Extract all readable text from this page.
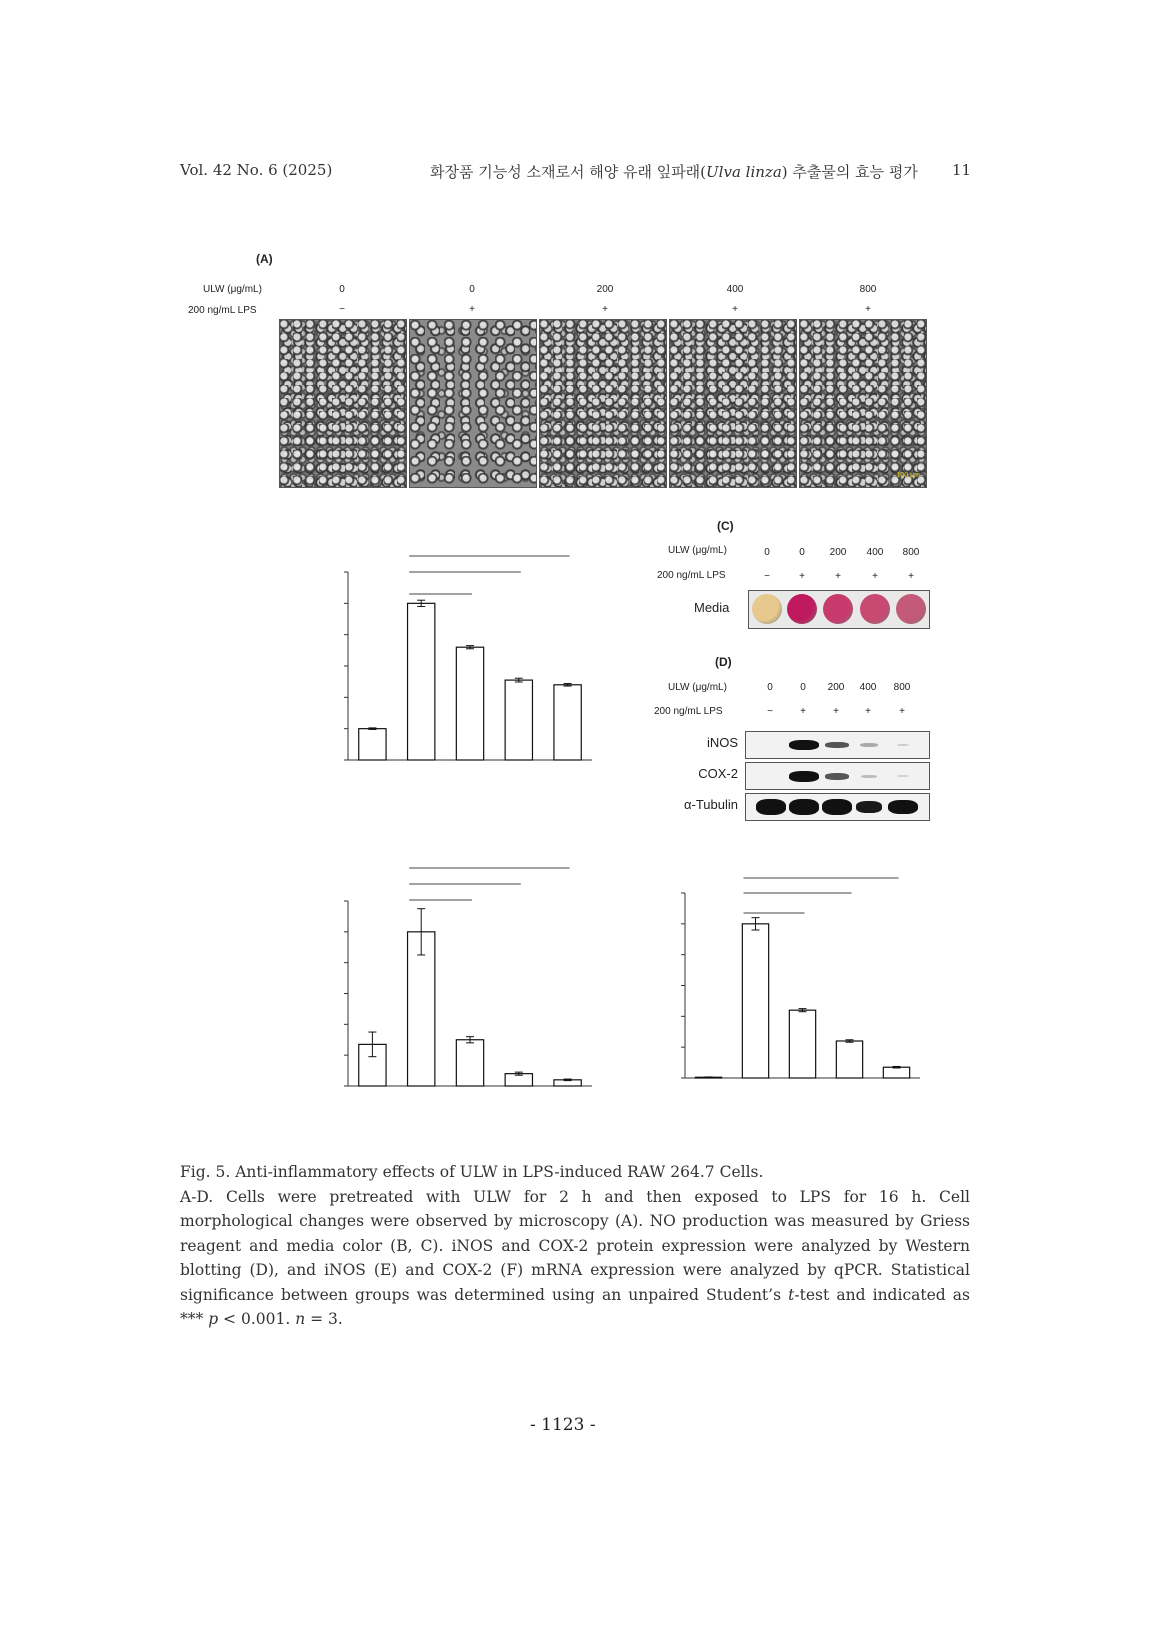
Vol. 42 No. 6 (2025)	화장품 기능성 소재로서 해양 유래 잎파래(Ulva linza) 추출물의 효능 평가 11
(A)
ULW (μg/mL)
200 ng/mL LPS
0	0	200	400	800
−	+	+	+	+
100 μm
(C)
ULW (μg/mL)
200 ng/mL LPS
0	0	200	400	800
−	+	+	+	+
Media
(D)
ULW (μg/mL)
200 ng/mL LPS
0	0	200	400	800
−	+	+	+	+
iNOS
COX-2
α-Tubulin
Fig. 5. Anti-inflammatory effects of ULW in LPS-induced RAW 264.7 Cells.
A-D. Cells were pretreated with ULW for 2 h and then exposed to LPS for 16 h. Cell
morphological changes were observed by microscopy (A). NO production was measured by Griess
reagent and media color (B, C). iNOS and COX-2 protein expression were analyzed by Western
blotting (D), and iNOS (E) and COX-2 (F) mRNA expression were analyzed by qPCR. Statistical
significance between groups was determined using an unpaired Student’s t-test and indicated as
*** p < 0.001. n = 3.
- 1123 -
